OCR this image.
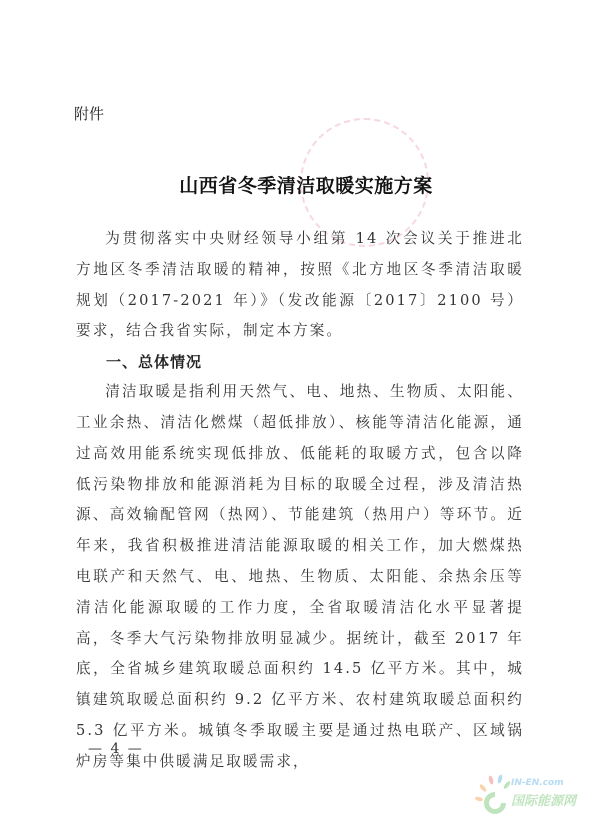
附件
山西省冬季清洁取暖实施方案

为贯彻落实中央财经领导小组第 14 次会议关于推进北方地区冬季清洁取暖的精神，按照《北方地区冬季清洁取暖规划（2017-2021 年）》（发改能源〔2017〕2100 号）要求，结合我省实际，制定本方案。

一、总体情况

清洁取暖是指利用天然气、电、地热、生物质、太阳能、工业余热、清洁化燃煤（超低排放）、核能等清洁化能源，通过高效用能系统实现低排放、低能耗的取暖方式，包含以降低污染物排放和能源消耗为目标的取暖全过程，涉及清洁热源、高效输配管网（热网）、节能建筑（热用户）等环节。近年来，我省积极推进清洁能源取暖的相关工作，加大燃煤热电联产和天然气、电、地热、生物质、太阳能、余热余压等清洁化能源取暖的工作力度，全省取暖清洁化水平显著提高，冬季大气污染物排放明显减少。据统计，截至 2017 年底，全省城乡建筑取暖总面积约 14.5 亿平方米。其中，城镇建筑取暖总面积约 9.2 亿平方米、农村建筑取暖总面积约 5.3 亿平方米。城镇冬季取暖主要是通过热电联产、区域锅炉房等集中供暖满足取暖需求，

— 4 —
IN-EN.com
国际能源网
